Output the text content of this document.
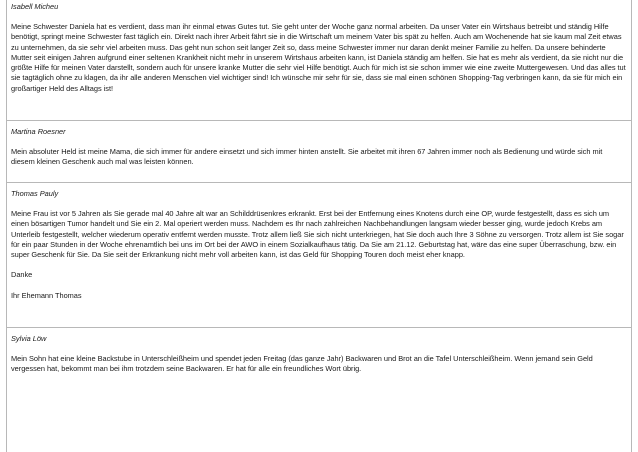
Isabell Micheu

Meine Schwester Daniela hat es verdient, dass man ihr einmal etwas Gutes tut. Sie geht unter der Woche ganz normal arbeiten. Da unser Vater ein Wirtshaus betreibt und ständig Hilfe benötigt, springt meine Schwester fast täglich ein. Direkt nach ihrer Arbeit fährt sie in die Wirtschaft um meinem Vater bis spät zu helfen. Auch am Wochenende hat sie kaum mal Zeit etwas zu unternehmen, da sie sehr viel arbeiten muss. Das geht nun schon seit langer Zeit so, dass meine Schwester immer nur daran denkt meiner Familie zu helfen. Da unsere behinderte Mutter seit einigen Jahren aufgrund einer seltenen Krankheit nicht mehr in unserem Wirtshaus arbeiten kann, ist Daniela ständig am helfen. Sie hat es mehr als verdient, da sie nicht nur die größte Hilfe für meinen Vater darstellt, sondern auch für unsere kranke Mutter die sehr viel Hilfe benötigt. Auch für mich ist sie schon immer wie eine zweite Muttergewesen. Und das alles tut sie tagtäglich ohne zu klagen, da ihr alle anderen Menschen viel wichtiger sind! Ich wünsche mir sehr für sie, dass sie mal einen schönen Shopping-Tag verbringen kann, da sie für mich ein großartiger Held des Alltags ist!

Martina Roesner

Mein absoluter Held ist meine Mama, die sich immer für andere einsetzt und sich immer hinten anstellt. Sie arbeitet mit ihren 67 Jahren immer noch als Bedienung und würde sich mit diesem kleinen Geschenk auch mal was leisten können.

Thomas Pauly

Meine Frau ist vor 5 Jahren als Sie gerade mal 40 Jahre alt war an Schilddrüsenkres erkrankt. Erst bei der Entfernung eines Knotens durch eine OP, wurde festgestellt, dass es sich um einen bösartigen Tumor handelt und Sie ein 2. Mal operiert werden muss. Nachdem es Ihr nach zahlreichen Nachbehandlungen langsam wieder besser ging, wurde jedoch Krebs am Unterleib festgestellt, welcher wiederum operativ entfernt werden musste. Trotz allem ließ Sie sich nicht unterkriegen, hat Sie doch auch Ihre 3 Söhne zu versorgen. Trotz allem ist Sie sogar für ein paar Stunden in der Woche ehrenamtlich bei uns im Ort bei der AWO in einem Sozialkaufhaus tätig. Da Sie am 21.12. Geburtstag hat, wäre das eine super Überraschung, bzw. ein super Geschenk für Sie. Da Sie seit der Erkrankung nicht mehr voll arbeiten kann, ist das Geld für Shopping Touren doch meist eher knapp.

Danke

Ihr Ehemann Thomas

Sylvia Löw

Mein Sohn hat eine kleine Backstube in Unterschleißheim und spendet jeden Freitag (das ganze Jahr) Backwaren und Brot an die Tafel Unterschleißheim. Wenn jemand sein Geld vergessen hat, bekommt man bei ihm trotzdem seine Backwaren. Er hat für alle ein freundliches Wort übrig.
